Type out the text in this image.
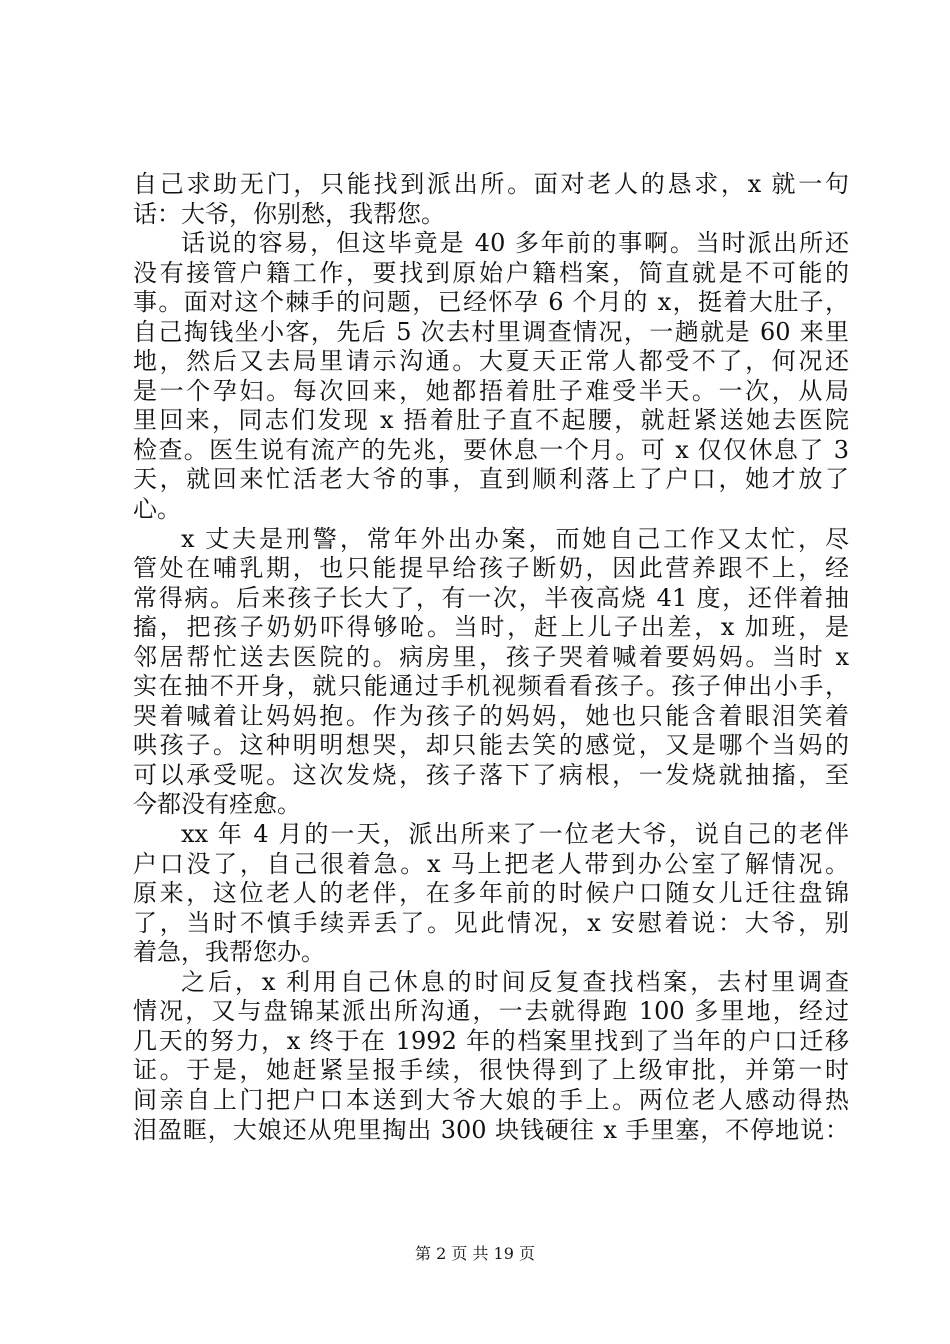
自己求助无门，只能找到派出所。面对老人的恳求，x 就一句
话：大爷，你别愁，我帮您。
话说的容易，但这毕竟是 40 多年前的事啊。当时派出所还
没有接管户籍工作，要找到原始户籍档案，简直就是不可能的
事。面对这个棘手的问题，已经怀孕 6 个月的 x，挺着大肚子，
自己掏钱坐小客，先后 5 次去村里调查情况，一趟就是 60 来里
地，然后又去局里请示沟通。大夏天正常人都受不了，何况还
是一个孕妇。每次回来，她都捂着肚子难受半天。一次，从局
里回来，同志们发现 x 捂着肚子直不起腰，就赶紧送她去医院
检查。医生说有流产的先兆，要休息一个月。可 x 仅仅休息了 3
天，就回来忙活老大爷的事，直到顺利落上了户口，她才放了
心。
x 丈夫是刑警，常年外出办案，而她自己工作又太忙，尽
管处在哺乳期，也只能提早给孩子断奶，因此营养跟不上，经
常得病。后来孩子长大了，有一次，半夜高烧 41 度，还伴着抽
搐，把孩子奶奶吓得够呛。当时，赶上儿子出差，x 加班，是
邻居帮忙送去医院的。病房里，孩子哭着喊着要妈妈。当时 x
实在抽不开身，就只能通过手机视频看看孩子。孩子伸出小手，
哭着喊着让妈妈抱。作为孩子的妈妈，她也只能含着眼泪笑着
哄孩子。这种明明想哭，却只能去笑的感觉，又是哪个当妈的
可以承受呢。这次发烧，孩子落下了病根，一发烧就抽搐，至
今都没有痊愈。
xx 年 4 月的一天，派出所来了一位老大爷，说自己的老伴
户口没了，自己很着急。x 马上把老人带到办公室了解情况。
原来，这位老人的老伴，在多年前的时候户口随女儿迁往盘锦
了，当时不慎手续弄丢了。见此情况，x 安慰着说：大爷，别
着急，我帮您办。
之后，x 利用自己休息的时间反复查找档案，去村里调查
情况，又与盘锦某派出所沟通，一去就得跑 100 多里地，经过
几天的努力，x 终于在 1992 年的档案里找到了当年的户口迁移
证。于是，她赶紧呈报手续，很快得到了上级审批，并第一时
间亲自上门把户口本送到大爷大娘的手上。两位老人感动得热
泪盈眶，大娘还从兜里掏出 300 块钱硬往 x 手里塞，不停地说：
第 2 页 共 19 页
